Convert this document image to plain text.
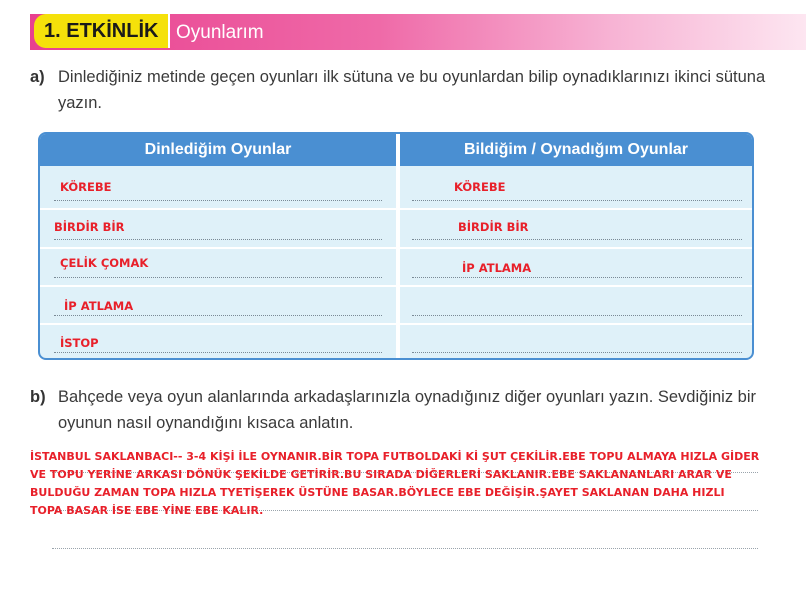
1. ETKİNLİK Oyunlarım
a) Dinlediğiniz metinde geçen oyunları ilk sütuna ve bu oyunlardan bilip oynadıklarınızı ikinci sütuna yazın.
Dinlediğim Oyunlar	Bildiğim / Oynadığım Oyunlar
KÖREBE	KÖREBE
BİRDİR BİR	BİRDİR BİR
ÇELİK ÇOMAK	İP ATLAMA
İP ATLAMA
İSTOP
b) Bahçede veya oyun alanlarında arkadaşlarınızla oynadığınız diğer oyunları yazın. Sevdiğiniz bir oyunun nasıl oynandığını kısaca anlatın.
İSTANBUL SAKLANBACI-- 3-4 KİŞİ İLE OYNANIR.BİR TOPA FUTBOLDAKİ Kİ ŞUT ÇEKİLİR.EBE TOPU ALMAYA HIZLA GİDER VE TOPU YERİNE ARKASI DÖNÜK ŞEKİLDE GETİRİR.BU SIRADA DİĞERLERİ SAKLANIR.EBE SAKLANANLARI ARAR VE BULDUĞU ZAMAN TOPA HIZLA TYETİŞEREK ÜSTÜNE BASAR.BÖYLECE EBE DEĞİŞİR.ŞAYET SAKLANAN DAHA HIZLI TOPA BASAR İSE EBE YİNE EBE KALIR.
